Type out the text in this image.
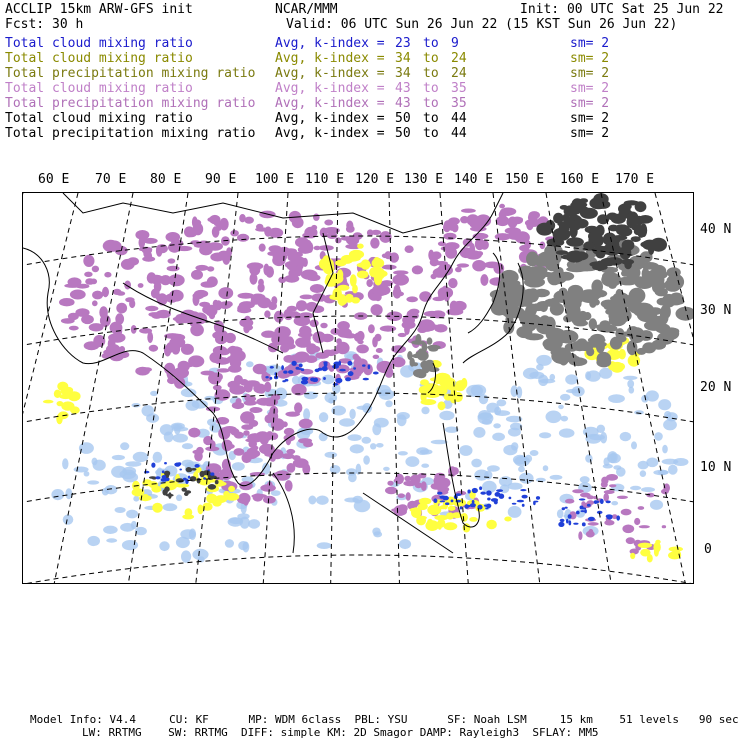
ACCLIP 15km ARW-GFS init	NCAR/MMM	Init: 00 UTC Sat 25 Jun 22
Fcst: 30 h	Valid: 06 UTC Sun 26 Jun 22 (15 KST Sun 26 Jun 22)
Total cloud mixing ratio	Avg, k-index = 23 to 9	sm= 2
Total cloud mixing ratio	Avg, k-index = 34 to 24	sm= 2
Total precipitation mixing ratio Avg, k-index = 34 to 24	sm= 2
Total cloud mixing ratio	Avg, k-index = 43 to 35	sm= 2
Total precipitation mixing ratio Avg, k-index = 43 to 35	sm= 2
Total cloud mixing ratio	Avg, k-index = 50 to 44	sm= 2
Total precipitation mixing ratio Avg, k-index = 50 to 44	sm= 2
60 E 70 E 80 E 90 E 100 E 110 E 120 E 130 E 140 E 150 E 160 E 170 E
40 N
30 N
20 N
10 N
0
Model Info: V4.4     CU: KF      MP: WDM 6class  PBL: YSU      SF: Noah LSM     15 km    51 levels   90 sec
LW: RRTMG    SW: RRTMG  DIFF: simple KM: 2D Smagor DAMP: Rayleigh3  SFLAY: MM5
